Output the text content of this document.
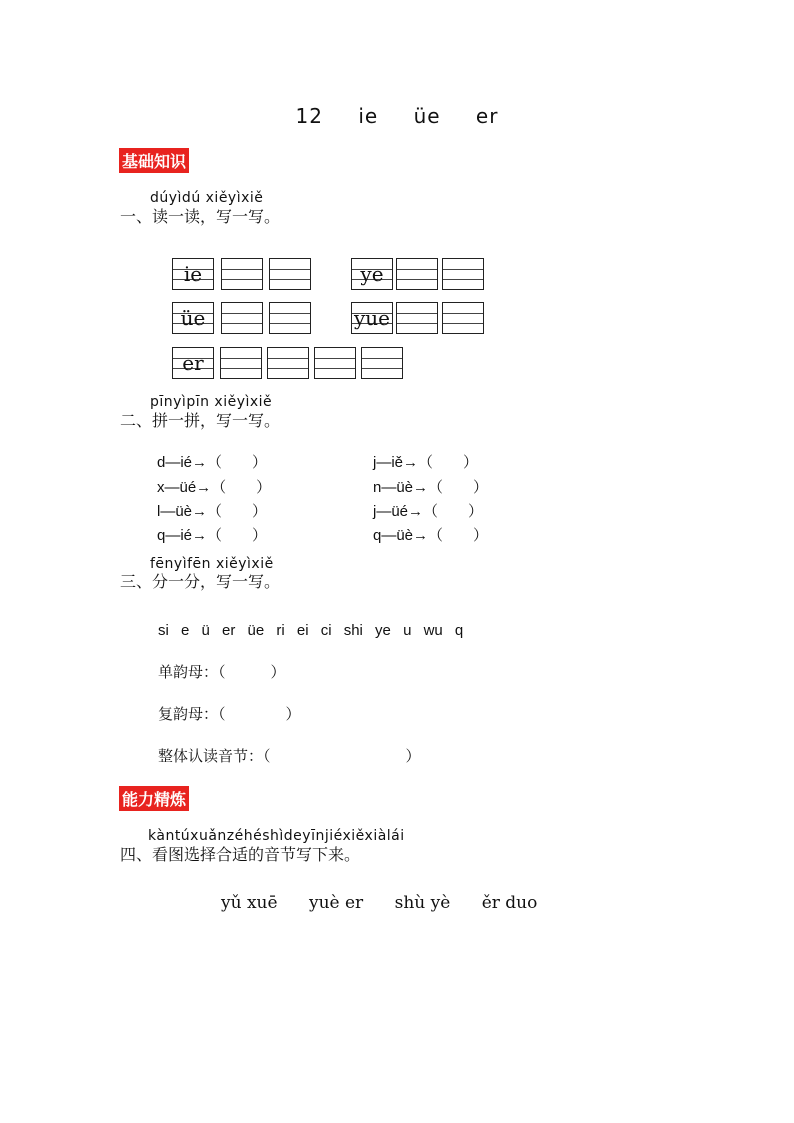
12 ie üe er
基础知识
dúyìdú xiěyìxiě
一、读一读，写一写。
ie	ye
üe	yue
er
pīnyìpīn xiěyìxiě
二、拼一拼，写一写。
d—ié→（　　）	j—iě→（　　）
x—üé→（　　）	n—üè→（　　）
l—üè→（　　）	j—üé→（　　）
q—ié→（　　）	q—üè→（　　）
fēnyìfēn xiěyìxiě
三、分一分，写一写。
si e ü er üe ri ei ci shi ye u wu q
单韵母：（　　　）
复韵母：（　　　　）
整体认读音节：（　　　　　　　　　）
能力精炼
kàntúxuǎnzéhéshìdeyīnjiéxiěxiàlái
四、看图选择合适的音节写下来。
yǔ xuē yuè er shù yè ěr duo
